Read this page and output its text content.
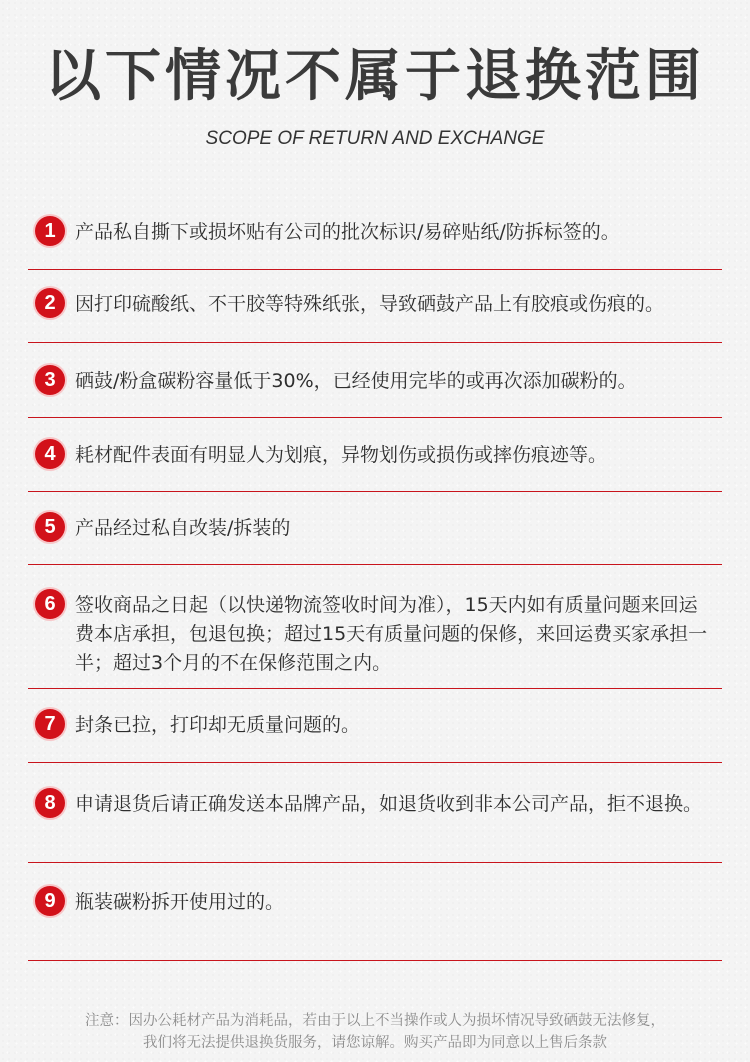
以下情况不属于退换范围
SCOPE OF RETURN AND EXCHANGE
1	产品私自撕下或损坏贴有公司的批次标识/易碎贴纸/防拆标签的。
2	因打印硫酸纸、不干胶等特殊纸张，导致硒鼓产品上有胶痕或伤痕的。
3	硒鼓/粉盒碳粉容量低于30%，已经使用完毕的或再次添加碳粉的。
4	耗材配件表面有明显人为划痕，异物划伤或损伤或摔伤痕迹等。
5	产品经过私自改装/拆装的
6	签收商品之日起（以快递物流签收时间为准），15天内如有质量问题来回运费本店承担，包退包换；超过15天有质量问题的保修，来回运费买家承担一半；超过3个月的不在保修范围之内。
7	封条已拉，打印却无质量问题的。
8	申请退货后请正确发送本品牌产品，如退货收到非本公司产品，拒不退换。
9	瓶装碳粉拆开使用过的。
注意：因办公耗材产品为消耗品，若由于以上不当操作或人为损坏情况导致硒鼓无法修复，
我们将无法提供退换货服务，请您谅解。购买产品即为同意以上售后条款
